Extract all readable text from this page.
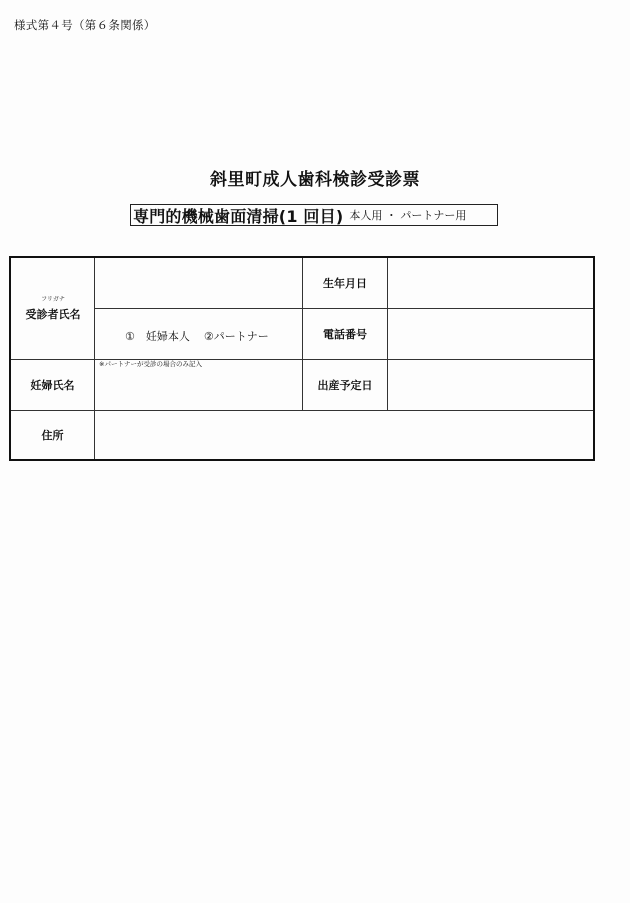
様式第４号（第６条関係）
斜里町成人歯科検診受診票
専門的機械歯面清掃(1 回目) 本人用 ・ パートナー用
フリガナ
受診者氏名
①　妊婦本人 ②パートナー
生年月日
電話番号
妊婦氏名
※パートナーが受診の場合のみ記入
出産予定日
住所
